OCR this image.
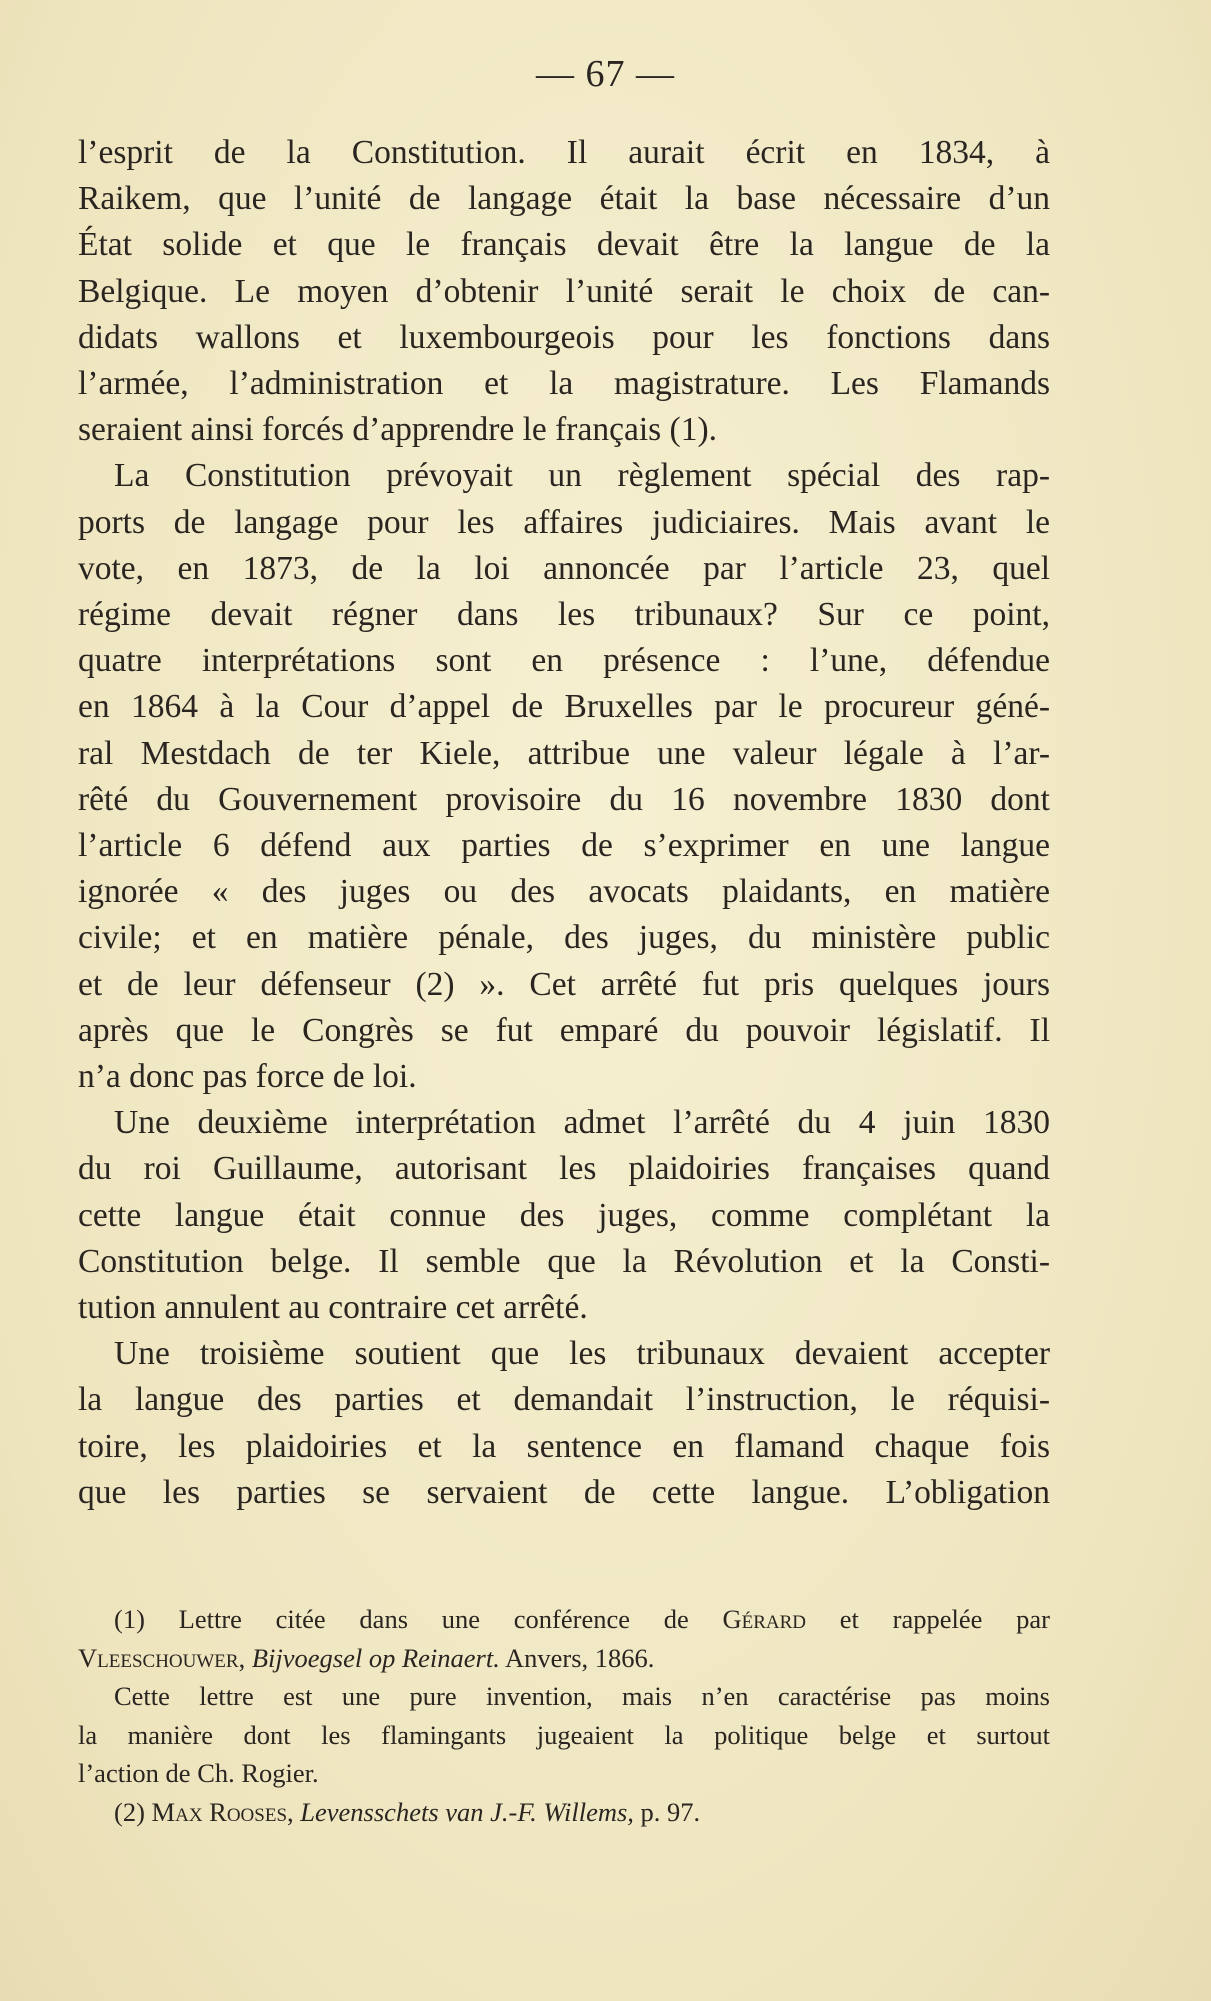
— 67 —
l’esprit de la Constitution. Il aurait écrit en 1834, à
Raikem, que l’unité de langage était la base nécessaire d’un
État solide et que le français devait être la langue de la
Belgique. Le moyen d’obtenir l’unité serait le choix de can-
didats wallons et luxembourgeois pour les fonctions dans
l’armée, l’administration et la magistrature. Les Flamands
seraient ainsi forcés d’apprendre le français (1).
La Constitution prévoyait un règlement spécial des rap-
ports de langage pour les affaires judiciaires. Mais avant le
vote, en 1873, de la loi annoncée par l’article 23, quel
régime devait régner dans les tribunaux? Sur ce point,
quatre interprétations sont en présence : l’une, défendue
en 1864 à la Cour d’appel de Bruxelles par le procureur géné-
ral Mestdach de ter Kiele, attribue une valeur légale à l’ar-
rêté du Gouvernement provisoire du 16 novembre 1830 dont
l’article 6 défend aux parties de s’exprimer en une langue
ignorée « des juges ou des avocats plaidants, en matière
civile; et en matière pénale, des juges, du ministère public
et de leur défenseur (2) ». Cet arrêté fut pris quelques jours
après que le Congrès se fut emparé du pouvoir législatif. Il
n’a donc pas force de loi.
Une deuxième interprétation admet l’arrêté du 4 juin 1830
du roi Guillaume, autorisant les plaidoiries françaises quand
cette langue était connue des juges, comme complétant la
Constitution belge. Il semble que la Révolution et la Consti-
tution annulent au contraire cet arrêté.
Une troisième soutient que les tribunaux devaient accepter
la langue des parties et demandait l’instruction, le réquisi-
toire, les plaidoiries et la sentence en flamand chaque fois
que les parties se servaient de cette langue. L’obligation
(1) Lettre citée dans une conférence de Gérard et rappelée par
Vleeschouwer, Bijvoegsel op Reinaert. Anvers, 1866.
Cette lettre est une pure invention, mais n’en caractérise pas moins
la manière dont les flamingants jugeaient la politique belge et surtout
l’action de Ch. Rogier.
(2) Max Rooses, Levensschets van J.-F. Willems, p. 97.
